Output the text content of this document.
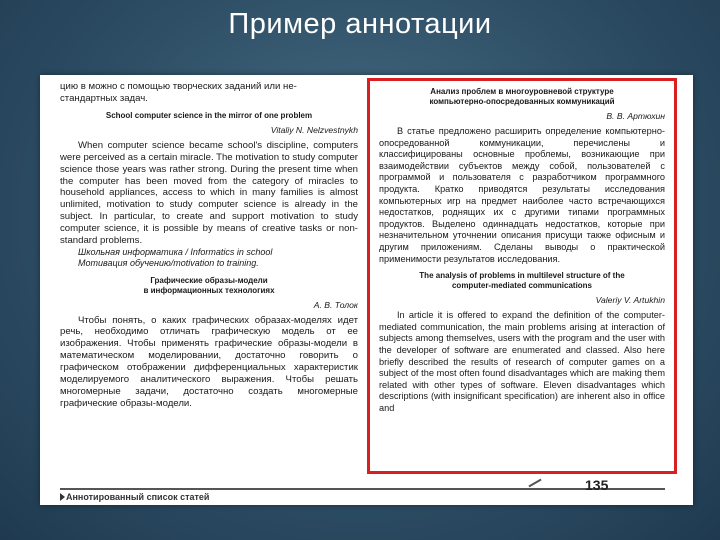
Пример аннотации

цию в можно с помощью творческих заданий или не-

стандартных задач.

School computer science in the mirror of one problem

Vitaliy N. Nelzvestnykh

When computer science became school's discipline, computers were perceived as a certain miracle. The motivation to study computer science those years was rather strong. During the present time when the computer has been moved from the category of miracles to household appliances, access to which in many families is almost unlimited, motivation to study computer science is already in the subject. In particular, to create and support motivation to study computer science, it is possible by means of creative tasks or non-standard problems.

Школьная информатика / Informatics in school

Мотивация обучению/motivation to training.

Графические образы-модели

в информационных технологиях

А. В. Толок

Чтобы понять, о каких графических образах-моделях идет речь, необходимо отличать графическую модель от ее изображения. Чтобы применять графические образы-модели в математическом моделировании, достаточно говорить о графическом отображении дифференциальных характеристик моделируемого аналитического выражения. Чтобы решать многомерные задачи, достаточно создать многомерные графические образы-модели.

Анализ проблем в многоуровневой структуре

компьютерно-опосредованных коммуникаций

В. В. Артюхин

В статье предложено расширить определение компьютерно-опосредованной коммуникации, перечислены и классифицированы основные проблемы, возникающие при взаимодействии субъектов между собой, пользователей с программой и пользователя с разработчиком программного продукта. Кратко приводятся результаты исследования компьютерных игр на предмет наиболее часто встречающихся недостатков, роднящих их с другими типами программных продуктов. Выделено одиннадцать недостатков, которые при незначительном уточнении описания присущи также офисным и другим приложениям. Сделаны выводы о практической применимости результатов исследования.

The analysis of problems in multilevel structure of the

computer-mediated communications

Valeriy V. Artukhin

In article it is offered to expand the definition of the computer-mediated communication, the main problems arising at interaction of subjects among themselves, users with the program and the user with the developer of software are enumerated and classed. Also here briefly described the results of research of computer games on a subject of the most often found disadvantages which are making them related with other types of software. Eleven disadvantages which descriptions (with insignificant specification) are inherent also in office and

Аннотированный список статей
135
